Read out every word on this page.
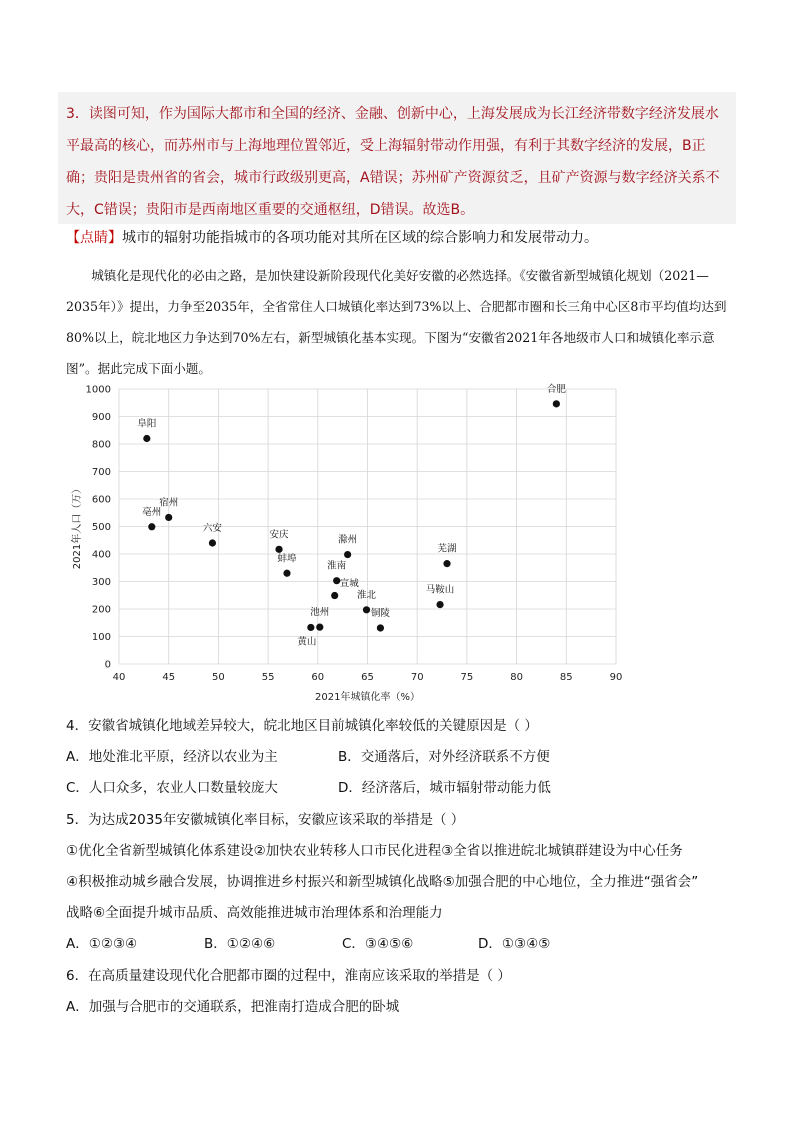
3．读图可知，作为国际大都市和全国的经济、金融、创新中心，上海发展成为长江经济带数字经济发展水平最高的核心，而苏州市与上海地理位置邻近，受上海辐射带动作用强，有利于其数字经济的发展，B正确；贵阳是贵州省的省会，城市行政级别更高，A错误；苏州矿产资源贫乏，且矿产资源与数字经济关系不大，C错误；贵阳市是西南地区重要的交通枢纽，D错误。故选B。
【点睛】城市的辐射功能指城市的各项功能对其所在区域的综合影响力和发展带动力。
城镇化是现代化的必由之路，是加快建设新阶段现代化美好安徽的必然选择。《安徽省新型城镇化规划（2021—2035年）》提出，力争至2035年，全省常住人口城镇化率达到73%以上、合肥都市圈和长三角中心区8市平均值均达到80%以上，皖北地区力争达到70%左右，新型城镇化基本实现。下图为“安徽省2021年各地级市人口和城镇化率示意图”。据此完成下面小题。
40	45	50	55	60	65	70	75	80	85	90
0
100
200
300
400
500
600
700
800
900
1000
2021年城镇化率（%）
2021年人口（万）
合肥
阜阳
宿州
亳州
六安
安庆
蚌埠
滁州
芜湖
淮南
宣城
淮北	马鞍山
铜陵
池州
黄山
4．安徽省城镇化地域差异较大，皖北地区目前城镇化率较低的关键原因是（ ）
A．地处淮北平原，经济以农业为主	B．交通落后，对外经济联系不方便
C．人口众多，农业人口数量较庞大	D．经济落后，城市辐射带动能力低
5．为达成2035年安徽城镇化率目标，安徽应该采取的举措是（ ）
①优化全省新型城镇化体系建设②加快农业转移人口市民化进程③全省以推进皖北城镇群建设为中心任务
④积极推动城乡融合发展，协调推进乡村振兴和新型城镇化战略⑤加强合肥的中心地位，全力推进“强省会”
战略⑥全面提升城市品质、高效能推进城市治理体系和治理能力
A．①②③④	B．①②④⑥	C．③④⑤⑥	D．①③④⑤
6．在高质量建设现代化合肥都市圈的过程中，淮南应该采取的举措是（ ）
A．加强与合肥市的交通联系，把淮南打造成合肥的卧城
